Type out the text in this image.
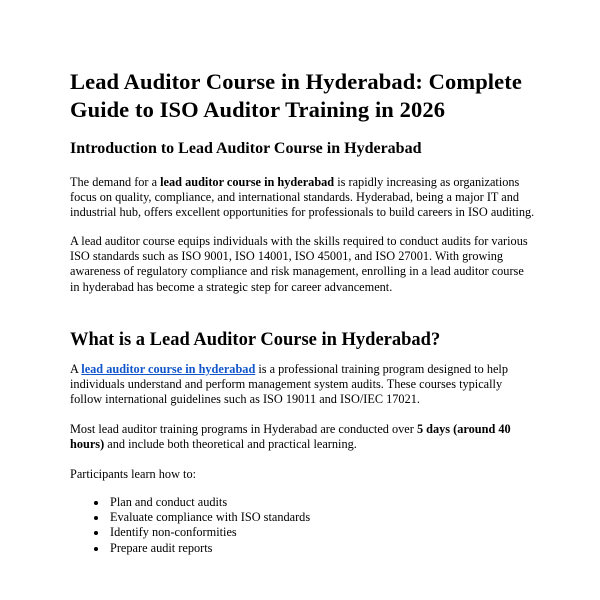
Lead Auditor Course in Hyderabad: Complete Guide to ISO Auditor Training in 2026
Introduction to Lead Auditor Course in Hyderabad

The demand for a lead auditor course in hyderabad is rapidly increasing as organizations focus on quality, compliance, and international standards. Hyderabad, being a major IT and industrial hub, offers excellent opportunities for professionals to build careers in ISO auditing.

A lead auditor course equips individuals with the skills required to conduct audits for various ISO standards such as ISO 9001, ISO 14001, ISO 45001, and ISO 27001. With growing awareness of regulatory compliance and risk management, enrolling in a lead auditor course in hyderabad has become a strategic step for career advancement.

What is a Lead Auditor Course in Hyderabad?

A lead auditor course in hyderabad is a professional training program designed to help individuals understand and perform management system audits. These courses typically follow international guidelines such as ISO 19011 and ISO/IEC 17021.

Most lead auditor training programs in Hyderabad are conducted over 5 days (around 40 hours) and include both theoretical and practical learning.

Participants learn how to:

• Plan and conduct audits
• Evaluate compliance with ISO standards
• Identify non-conformities
• Prepare audit reports
